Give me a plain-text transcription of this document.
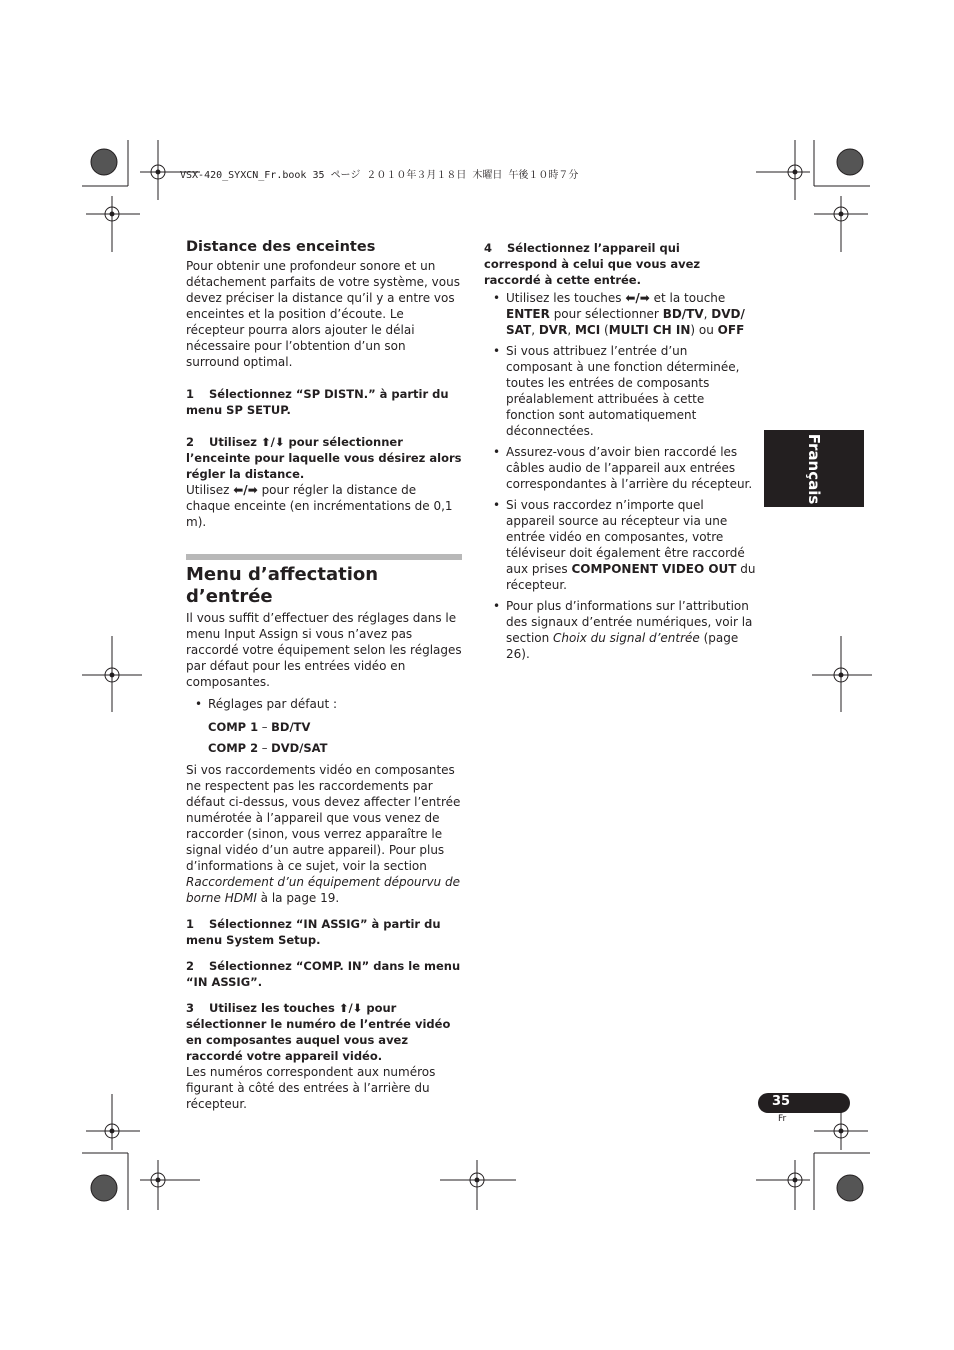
VSX-420_SYXCN_Fr.book 35 ページ ２０１０年３月１８日 木曜日 午後１０時７分
Distance des enceintes

Pour obtenir une profondeur sonore et un détachement parfaits de votre système, vous devez préciser la distance qu’il y a entre vos enceintes et la position d’écoute. Le récepteur pourra alors ajouter le délai nécessaire pour l’obtention d’un son surround optimal.

1 Sélectionnez “SP DISTN.” à partir du menu SP SETUP.

2 Utilisez ⬆/⬇ pour sélectionner l’enceinte pour laquelle vous désirez alors régler la distance.

Utilisez ⬅/➡ pour régler la distance de chaque enceinte (en incrémentations de 0,1 m).

Menu d’affectation d’entrée

Il vous suffit d’effectuer des réglages dans le menu Input Assign si vous n’avez pas raccordé votre équipement selon les réglages par défaut pour les entrées vidéo en composantes.

• Réglages par défaut :
COMP 1 – BD/TV
COMP 2 – DVD/SAT

Si vos raccordements vidéo en composantes ne respectent pas les raccordements par défaut ci-dessus, vous devez affecter l’entrée numérotée à l’appareil que vous venez de raccorder (sinon, vous verrez apparaître le signal vidéo d’un autre appareil). Pour plus d’informations à ce sujet, voir la section Raccordement d’un équipement dépourvu de borne HDMI à la page 19.

1 Sélectionnez “IN ASSIG” à partir du menu System Setup.

2 Sélectionnez “COMP. IN” dans le menu “IN ASSIG”.

3 Utilisez les touches ⬆/⬇ pour sélectionner le numéro de l’entrée vidéo en composantes auquel vous avez raccordé votre appareil vidéo.

Les numéros correspondent aux numéros figurant à côté des entrées à l’arrière du récepteur.

4 Sélectionnez l’appareil qui correspond à celui que vous avez raccordé à cette entrée.

• Utilisez les touches ⬅/➡ et la touche ENTER pour sélectionner BD/TV, DVD/ SAT, DVR, MCI (MULTI CH IN) ou OFF
• Si vous attribuez l’entrée d’un composant à une fonction déterminée, toutes les entrées de composants préalablement attribuées à cette fonction sont automatiquement déconnectées.
• Assurez-vous d’avoir bien raccordé les câbles audio de l’appareil aux entrées correspondantes à l’arrière du récepteur.
• Si vous raccordez n’importe quel appareil source au récepteur via une entrée vidéo en composantes, votre téléviseur doit également être raccordé aux prises COMPONENT VIDEO OUT du récepteur.
• Pour plus d’informations sur l’attribution des signaux d’entrée numériques, voir la section Choix du signal d’entrée (page 26).
Français
35
Fr
